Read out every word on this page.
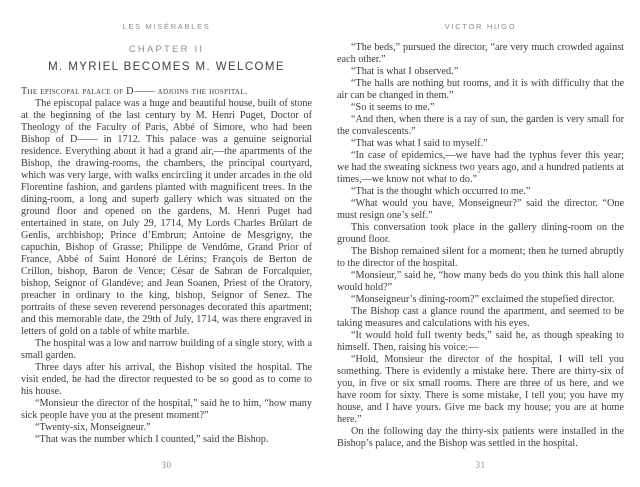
LES MISÉRABLES
CHAPTER II
M. MYRIEL BECOMES M. WELCOME

The episcopal palace of D—— adjoins the hospital.

The episcopal palace was a huge and beautiful house, built of stone at the beginning of the last century by M. Henri Puget, Doctor of Theology of the Faculty of Paris, Abbé of Simore, who had been Bishop of D—— in 1712. This palace was a genuine seignorial residence. Everything about it had a grand air,—the apartments of the Bishop, the drawing-rooms, the chambers, the principal courtyard, which was very large, with walks encircling it under arcades in the old Florentine fashion, and gardens planted with magnificent trees. In the dining-room, a long and superb gallery which was situated on the ground floor and opened on the gardens, M. Henri Puget had entertained in state, on July 29, 1714, My Lords Charles Brûlart de Genlis, archbishop; Prince d’Embrun; Antoine de Mesgrigny, the capuchin, Bishop of Grasse; Philippe de Vendôme, Grand Prior of France, Abbé of Saint Honoré de Lérins; François de Berton de Crillon, bishop, Baron de Vence; César de Sabran de Forcalquier, bishop, Seignor of Glandève; and Jean Soanen, Priest of the Oratory, preacher in ordinary to the king, bishop, Seignor of Senez. The portraits of these seven reverend personages decorated this apartment; and this memorable date, the 29th of July, 1714, was there engraved in letters of gold on a table of white marble.

The hospital was a low and narrow building of a single story, with a small garden.

Three days after his arrival, the Bishop visited the hospital. The visit ended, he had the director requested to be so good as to come to his house.

“Monsieur the director of the hospital,” said he to him, “how many sick people have you at the present moment?”

“Twenty-six, Monseigneur.”

“That was the number which I counted,” said the Bishop.

30
VICTOR HUGO

“The beds,” pursued the director, “are very much crowded against each other.”

“That is what I observed.”

“The halls are nothing but rooms, and it is with difficulty that the air can be changed in them.”

“So it seems to me.”

“And then, when there is a ray of sun, the garden is very small for the convalescents.”

“That was what I said to myself.”

“In case of epidemics,—we have had the typhus fever this year; we had the sweating sickness two years ago, and a hundred patients at times,—we know not what to do.”

“That is the thought which occurred to me.”

“What would you have, Monseigneur?” said the director. “One must resign one’s self.”

This conversation took place in the gallery dining-room on the ground floor.

The Bishop remained silent for a moment; then he turned abruptly to the director of the hospital.

“Monsieur,” said he, “how many beds do you think this hall alone would hold?”

“Monseigneur’s dining-room?” exclaimed the stupefied director.

The Bishop cast a glance round the apartment, and seemed to be taking measures and calculations with his eyes.

“It would hold full twenty beds,” said he, as though speaking to himself. Then, raising his voice:—

“Hold, Monsieur the director of the hospital, I will tell you something. There is evidently a mistake here. There are thirty-six of you, in five or six small rooms. There are three of us here, and we have room for sixty. There is some mistake, I tell you; you have my house, and I have yours. Give me back my house; you are at home here.”

On the following day the thirty-six patients were installed in the Bishop’s palace, and the Bishop was settled in the hospital.

31
